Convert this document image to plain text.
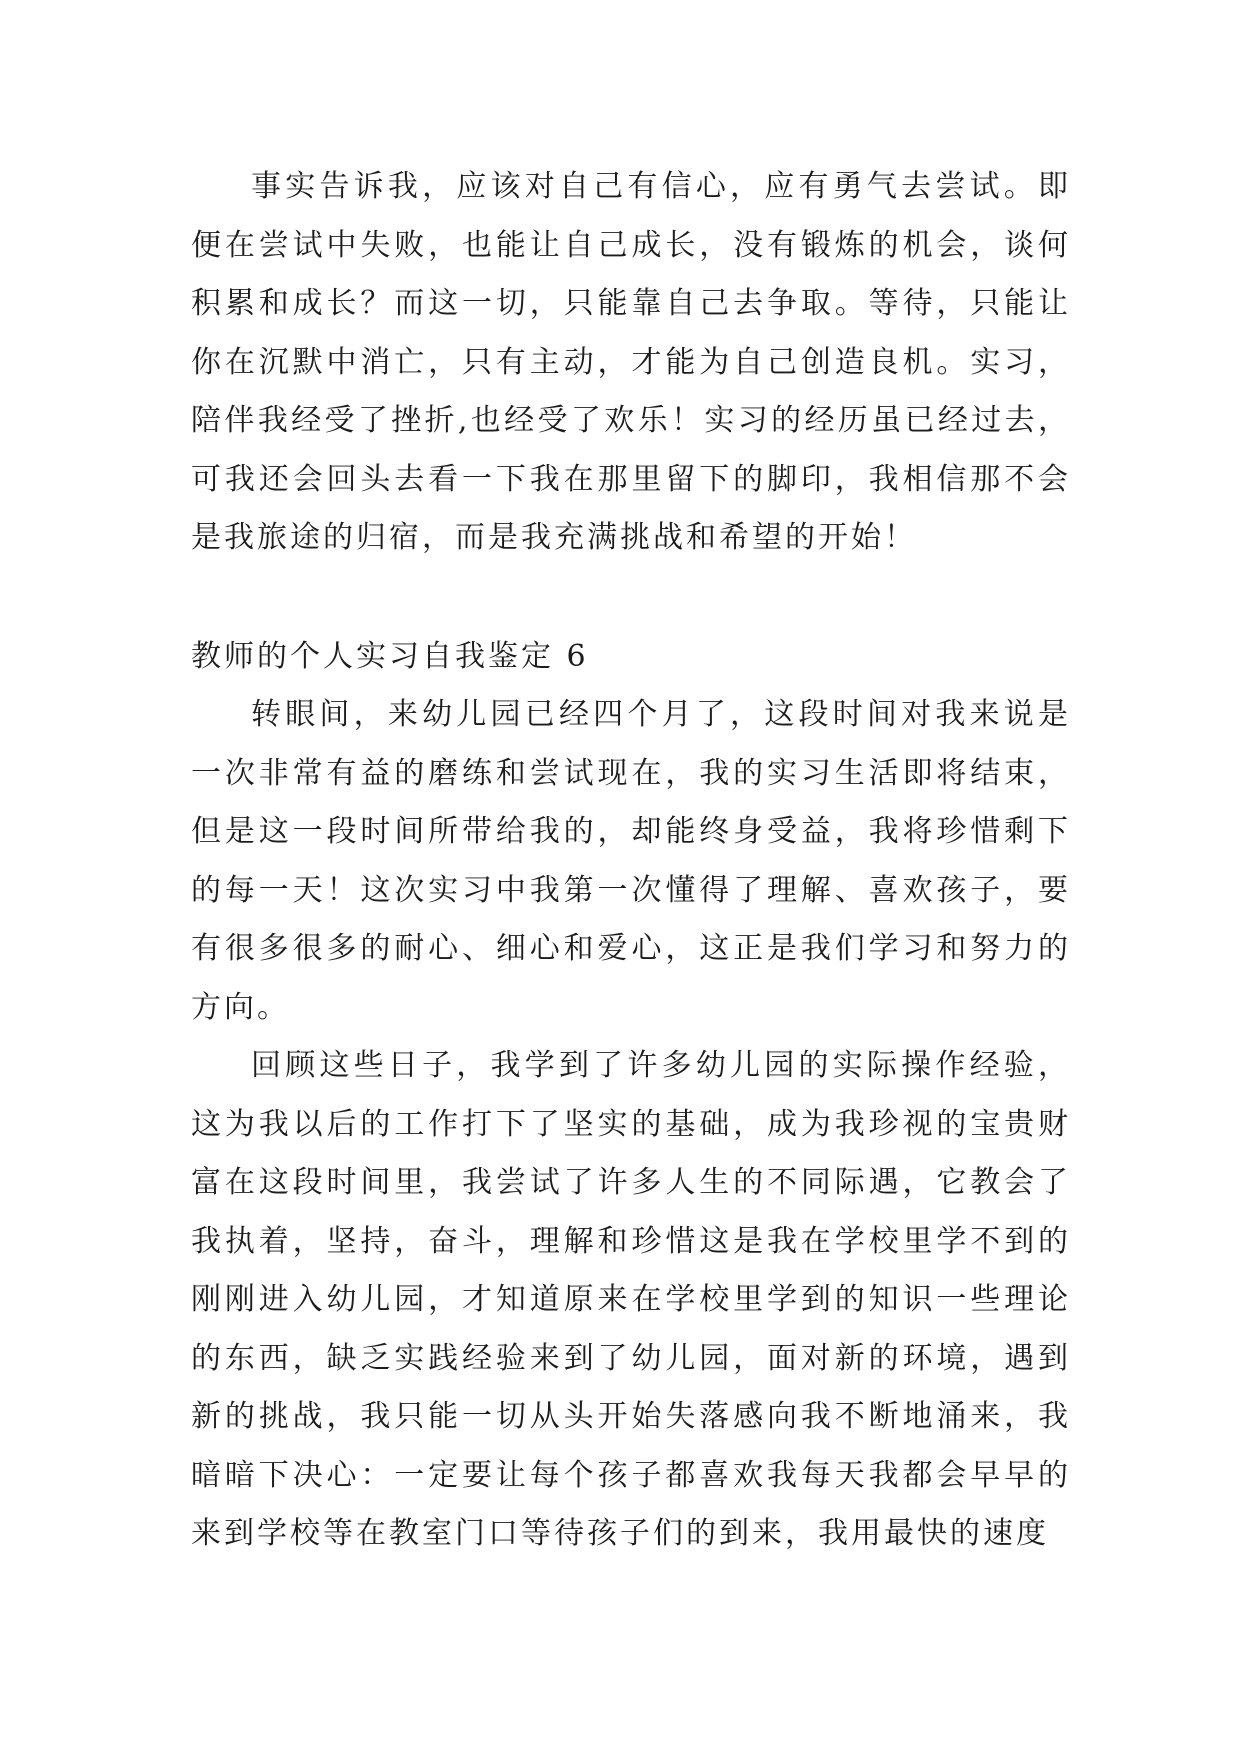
事实告诉我，应该对自己有信心，应有勇气去尝试。即便在尝试中失败，也能让自己成长，没有锻炼的机会，谈何积累和成长？而这一切，只能靠自己去争取。等待，只能让你在沉默中消亡，只有主动，才能为自己创造良机。实习，陪伴我经受了挫折,也经受了欢乐！实习的经历虽已经过去，可我还会回头去看一下我在那里留下的脚印，我相信那不会是我旅途的归宿，而是我充满挑战和希望的开始！

教师的个人实习自我鉴定 6

转眼间，来幼儿园已经四个月了，这段时间对我来说是一次非常有益的磨练和尝试现在，我的实习生活即将结束，但是这一段时间所带给我的，却能终身受益，我将珍惜剩下的每一天！这次实习中我第一次懂得了理解、喜欢孩子，要有很多很多的耐心、细心和爱心，这正是我们学习和努力的方向。

回顾这些日子，我学到了许多幼儿园的实际操作经验，这为我以后的工作打下了坚实的基础，成为我珍视的宝贵财富在这段时间里，我尝试了许多人生的不同际遇，它教会了我执着，坚持，奋斗，理解和珍惜这是我在学校里学不到的刚刚进入幼儿园，才知道原来在学校里学到的知识一些理论的东西，缺乏实践经验来到了幼儿园，面对新的环境，遇到新的挑战，我只能一切从头开始失落感向我不断地涌来，我暗暗下决心：一定要让每个孩子都喜欢我每天我都会早早的来到学校等在教室门口等待孩子们的到来，我用最快的速度
